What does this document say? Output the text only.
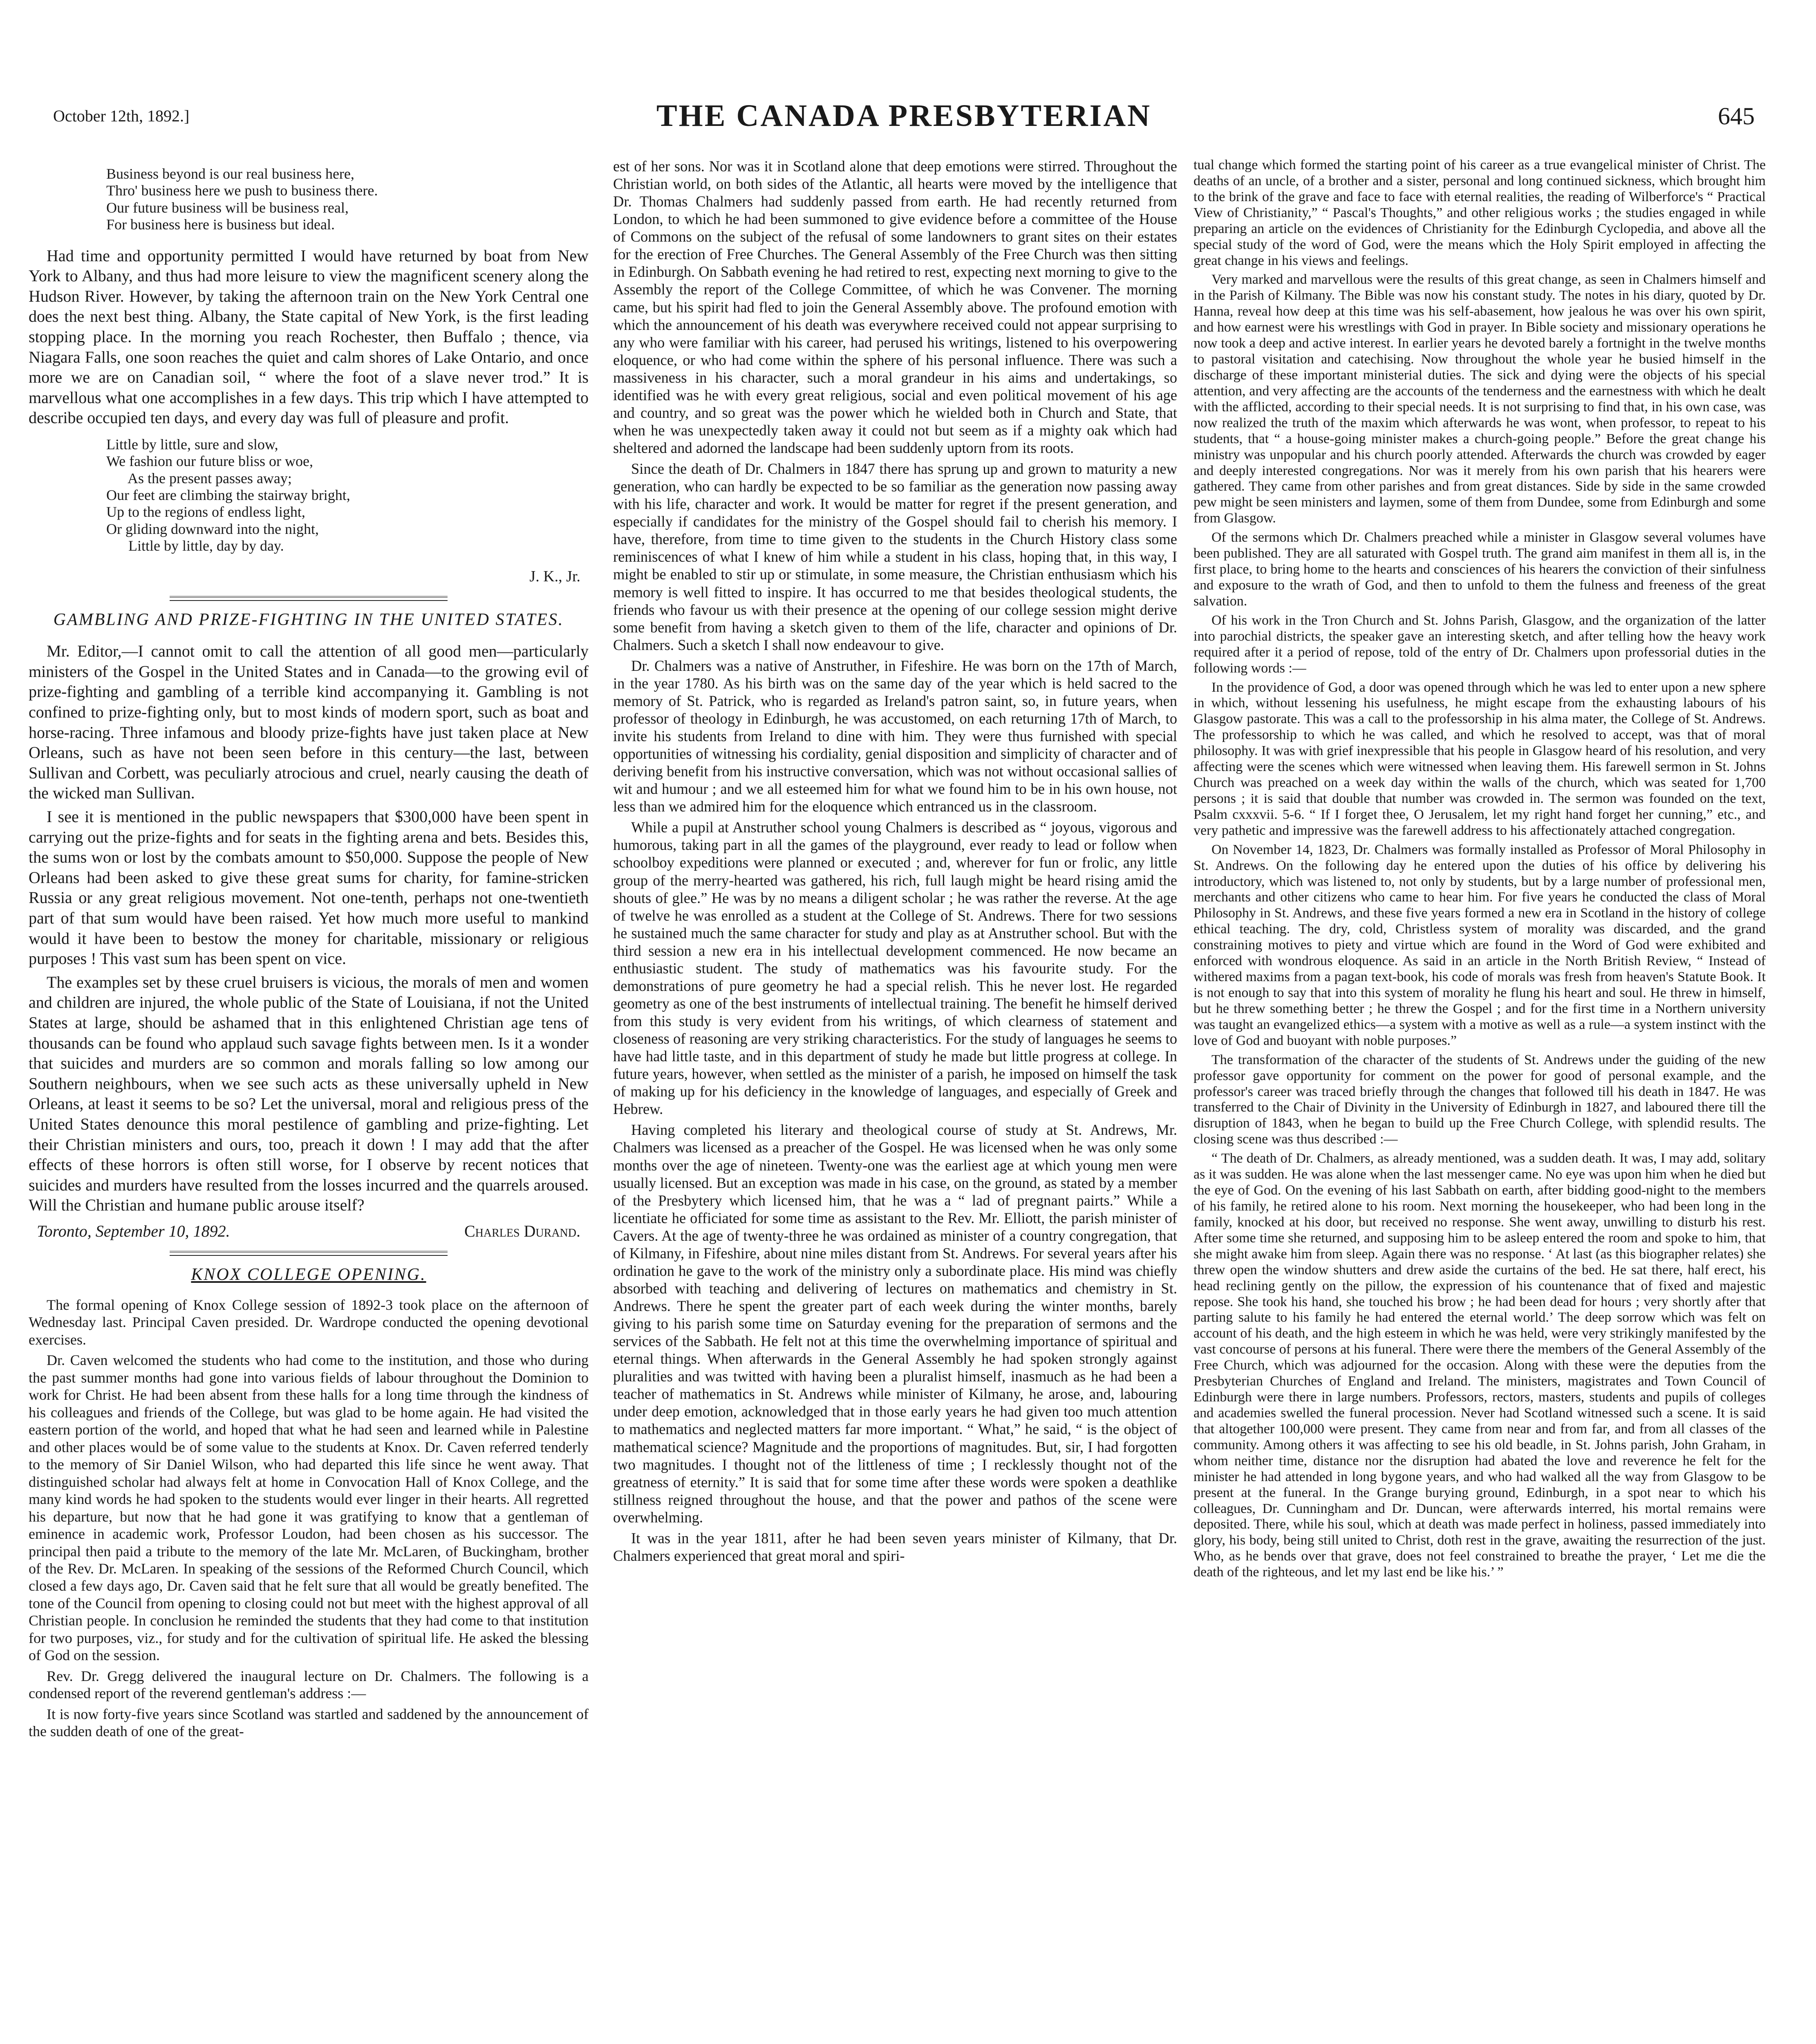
October 12th, 1892.]	THE CANADA PRESBYTERIAN	645
Business beyond is our real business here,
Thro' business here we push to business there.
Our future business will be business real,
For business here is business but ideal.

Had time and opportunity permitted I would have returned by boat from New York to Albany, and thus had more leisure to view the magnificent scenery along the Hudson River. However, by taking the afternoon train on the New York Central one does the next best thing. Albany, the State capital of New York, is the first leading stopping place. In the morning you reach Rochester, then Buffalo ; thence, via Niagara Falls, one soon reaches the quiet and calm shores of Lake Ontario, and once more we are on Canadian soil, “ where the foot of a slave never trod.” It is marvellous what one accomplishes in a few days. This trip which I have attempted to describe occupied ten days, and every day was full of pleasure and profit.

Little by little, sure and slow,
We fashion our future bliss or woe,
As the present passes away;
Our feet are climbing the stairway bright,
Up to the regions of endless light,
Or gliding downward into the night,
Little by little, day by day.
J. K., Jr.
GAMBLING AND PRIZE-FIGHTING IN THE UNITED STATES.

Mr. Editor,—I cannot omit to call the attention of all good men—particularly ministers of the Gospel in the United States and in Canada—to the growing evil of prize-fighting and gambling of a terrible kind accompanying it. Gambling is not confined to prize-fighting only, but to most kinds of modern sport, such as boat and horse-racing. Three infamous and bloody prize-fights have just taken place at New Orleans, such as have not been seen before in this century—the last, between Sullivan and Corbett, was peculiarly atrocious and cruel, nearly causing the death of the wicked man Sullivan.

I see it is mentioned in the public newspapers that $300,000 have been spent in carrying out the prize-fights and for seats in the fighting arena and bets. Besides this, the sums won or lost by the combats amount to $50,000. Suppose the people of New Orleans had been asked to give these great sums for charity, for famine-stricken Russia or any great religious movement. Not one-tenth, perhaps not one-twentieth part of that sum would have been raised. Yet how much more useful to mankind would it have been to bestow the money for charitable, missionary or religious purposes ! This vast sum has been spent on vice.

The examples set by these cruel bruisers is vicious, the morals of men and women and children are injured, the whole public of the State of Louisiana, if not the United States at large, should be ashamed that in this enlightened Christian age tens of thousands can be found who applaud such savage fights between men. Is it a wonder that suicides and murders are so common and morals falling so low among our Southern neighbours, when we see such acts as these universally upheld in New Orleans, at least it seems to be so? Let the universal, moral and religious press of the United States denounce this moral pestilence of gambling and prize-fighting. Let their Christian ministers and ours, too, preach it down ! I may add that the after effects of these horrors is often still worse, for I observe by recent notices that suicides and murders have resulted from the losses incurred and the quarrels aroused. Will the Christian and humane public arouse itself?

Toronto, September 10, 1892.	Charles Durand.
KNOX COLLEGE OPENING.

The formal opening of Knox College session of 1892-3 took place on the afternoon of Wednesday last. Principal Caven presided. Dr. Wardrope conducted the opening devotional exercises.

Dr. Caven welcomed the students who had come to the institution, and those who during the past summer months had gone into various fields of labour throughout the Dominion to work for Christ. He had been absent from these halls for a long time through the kindness of his colleagues and friends of the College, but was glad to be home again. He had visited the eastern portion of the world, and hoped that what he had seen and learned while in Palestine and other places would be of some value to the students at Knox. Dr. Caven referred tenderly to the memory of Sir Daniel Wilson, who had departed this life since he went away. That distinguished scholar had always felt at home in Convocation Hall of Knox College, and the many kind words he had spoken to the students would ever linger in their hearts. All regretted his departure, but now that he had gone it was gratifying to know that a gentleman of eminence in academic work, Professor Loudon, had been chosen as his successor. The principal then paid a tribute to the memory of the late Mr. McLaren, of Buckingham, brother of the Rev. Dr. McLaren. In speaking of the sessions of the Reformed Church Council, which closed a few days ago, Dr. Caven said that he felt sure that all would be greatly benefited. The tone of the Council from opening to closing could not but meet with the highest approval of all Christian people. In conclusion he reminded the students that they had come to that institution for two purposes, viz., for study and for the cultivation of spiritual life. He asked the blessing of God on the session.

Rev. Dr. Gregg delivered the inaugural lecture on Dr. Chalmers. The following is a condensed report of the reverend gentleman's address :—

It is now forty-five years since Scotland was startled and saddened by the announcement of the sudden death of one of the great-

est of her sons. Nor was it in Scotland alone that deep emotions were stirred. Throughout the Christian world, on both sides of the Atlantic, all hearts were moved by the intelligence that Dr. Thomas Chalmers had suddenly passed from earth. He had recently returned from London, to which he had been summoned to give evidence before a committee of the House of Commons on the subject of the refusal of some landowners to grant sites on their estates for the erection of Free Churches. The General Assembly of the Free Church was then sitting in Edinburgh. On Sabbath evening he had retired to rest, expecting next morning to give to the Assembly the report of the College Committee, of which he was Convener. The morning came, but his spirit had fled to join the General Assembly above. The profound emotion with which the announcement of his death was everywhere received could not appear surprising to any who were familiar with his career, had perused his writings, listened to his overpowering eloquence, or who had come within the sphere of his personal influence. There was such a massiveness in his character, such a moral grandeur in his aims and undertakings, so identified was he with every great religious, social and even political movement of his age and country, and so great was the power which he wielded both in Church and State, that when he was unexpectedly taken away it could not but seem as if a mighty oak which had sheltered and adorned the landscape had been suddenly uptorn from its roots.

Since the death of Dr. Chalmers in 1847 there has sprung up and grown to maturity a new generation, who can hardly be expected to be so familiar as the generation now passing away with his life, character and work. It would be matter for regret if the present generation, and especially if candidates for the ministry of the Gospel should fail to cherish his memory. I have, therefore, from time to time given to the students in the Church History class some reminiscences of what I knew of him while a student in his class, hoping that, in this way, I might be enabled to stir up or stimulate, in some measure, the Christian enthusiasm which his memory is well fitted to inspire. It has occurred to me that besides theological students, the friends who favour us with their presence at the opening of our college session might derive some benefit from having a sketch given to them of the life, character and opinions of Dr. Chalmers. Such a sketch I shall now endeavour to give.

Dr. Chalmers was a native of Anstruther, in Fifeshire. He was born on the 17th of March, in the year 1780. As his birth was on the same day of the year which is held sacred to the memory of St. Patrick, who is regarded as Ireland's patron saint, so, in future years, when professor of theology in Edinburgh, he was accustomed, on each returning 17th of March, to invite his students from Ireland to dine with him. They were thus furnished with special opportunities of witnessing his cordiality, genial disposition and simplicity of character and of deriving benefit from his instructive conversation, which was not without occasional sallies of wit and humour ; and we all esteemed him for what we found him to be in his own house, not less than we admired him for the eloquence which entranced us in the classroom.

While a pupil at Anstruther school young Chalmers is described as “ joyous, vigorous and humorous, taking part in all the games of the playground, ever ready to lead or follow when schoolboy expeditions were planned or executed ; and, wherever for fun or frolic, any little group of the merry-hearted was gathered, his rich, full laugh might be heard rising amid the shouts of glee.” He was by no means a diligent scholar ; he was rather the reverse. At the age of twelve he was enrolled as a student at the College of St. Andrews. There for two sessions he sustained much the same character for study and play as at Anstruther school. But with the third session a new era in his intellectual development commenced. He now became an enthusiastic student. The study of mathematics was his favourite study. For the demonstrations of pure geometry he had a special relish. This he never lost. He regarded geometry as one of the best instruments of intellectual training. The benefit he himself derived from this study is very evident from his writings, of which clearness of statement and closeness of reasoning are very striking characteristics. For the study of languages he seems to have had little taste, and in this department of study he made but little progress at college. In future years, however, when settled as the minister of a parish, he imposed on himself the task of making up for his deficiency in the knowledge of languages, and especially of Greek and Hebrew.

Having completed his literary and theological course of study at St. Andrews, Mr. Chalmers was licensed as a preacher of the Gospel. He was licensed when he was only some months over the age of nineteen. Twenty-one was the earliest age at which young men were usually licensed. But an exception was made in his case, on the ground, as stated by a member of the Presbytery which licensed him, that he was a “ lad of pregnant pairts.” While a licentiate he officiated for some time as assistant to the Rev. Mr. Elliott, the parish minister of Cavers. At the age of twenty-three he was ordained as minister of a country congregation, that of Kilmany, in Fifeshire, about nine miles distant from St. Andrews. For several years after his ordination he gave to the work of the ministry only a subordinate place. His mind was chiefly absorbed with teaching and delivering of lectures on mathematics and chemistry in St. Andrews. There he spent the greater part of each week during the winter months, barely giving to his parish some time on Saturday evening for the preparation of sermons and the services of the Sabbath. He felt not at this time the overwhelming importance of spiritual and eternal things. When afterwards in the General Assembly he had spoken strongly against pluralities and was twitted with having been a pluralist himself, inasmuch as he had been a teacher of mathematics in St. Andrews while minister of Kilmany, he arose, and, labouring under deep emotion, acknowledged that in those early years he had given too much attention to mathematics and neglected matters far more important. “ What,” he said, “ is the object of mathematical science? Magnitude and the proportions of magnitudes. But, sir, I had forgotten two magnitudes. I thought not of the littleness of time ; I recklessly thought not of the greatness of eternity.” It is said that for some time after these words were spoken a deathlike stillness reigned throughout the house, and that the power and pathos of the scene were overwhelming.

It was in the year 1811, after he had been seven years minister of Kilmany, that Dr. Chalmers experienced that great moral and spiri-

tual change which formed the starting point of his career as a true evangelical minister of Christ. The deaths of an uncle, of a brother and a sister, personal and long continued sickness, which brought him to the brink of the grave and face to face with eternal realities, the reading of Wilberforce's “ Practical View of Christianity,” “ Pascal's Thoughts,” and other religious works ; the studies engaged in while preparing an article on the evidences of Christianity for the Edinburgh Cyclopedia, and above all the special study of the word of God, were the means which the Holy Spirit employed in affecting the great change in his views and feelings.

Very marked and marvellous were the results of this great change, as seen in Chalmers himself and in the Parish of Kilmany. The Bible was now his constant study. The notes in his diary, quoted by Dr. Hanna, reveal how deep at this time was his self-abasement, how jealous he was over his own spirit, and how earnest were his wrestlings with God in prayer. In Bible society and missionary operations he now took a deep and active interest. In earlier years he devoted barely a fortnight in the twelve months to pastoral visitation and catechising. Now throughout the whole year he busied himself in the discharge of these important ministerial duties. The sick and dying were the objects of his special attention, and very affecting are the accounts of the tenderness and the earnestness with which he dealt with the afflicted, according to their special needs. It is not surprising to find that, in his own case, was now realized the truth of the maxim which afterwards he was wont, when professor, to repeat to his students, that “ a house-going minister makes a church-going people.” Before the great change his ministry was unpopular and his church poorly attended. Afterwards the church was crowded by eager and deeply interested congregations. Nor was it merely from his own parish that his hearers were gathered. They came from other parishes and from great distances. Side by side in the same crowded pew might be seen ministers and laymen, some of them from Dundee, some from Edinburgh and some from Glasgow.

Of the sermons which Dr. Chalmers preached while a minister in Glasgow several volumes have been published. They are all saturated with Gospel truth. The grand aim manifest in them all is, in the first place, to bring home to the hearts and consciences of his hearers the conviction of their sinfulness and exposure to the wrath of God, and then to unfold to them the fulness and freeness of the great salvation.

Of his work in the Tron Church and St. Johns Parish, Glasgow, and the organization of the latter into parochial districts, the speaker gave an interesting sketch, and after telling how the heavy work required after it a period of repose, told of the entry of Dr. Chalmers upon professorial duties in the following words :—

In the providence of God, a door was opened through which he was led to enter upon a new sphere in which, without lessening his usefulness, he might escape from the exhausting labours of his Glasgow pastorate. This was a call to the professorship in his alma mater, the College of St. Andrews. The professorship to which he was called, and which he resolved to accept, was that of moral philosophy. It was with grief inexpressible that his people in Glasgow heard of his resolution, and very affecting were the scenes which were witnessed when leaving them. His farewell sermon in St. Johns Church was preached on a week day within the walls of the church, which was seated for 1,700 persons ; it is said that double that number was crowded in. The sermon was founded on the text, Psalm cxxxvii. 5-6. “ If I forget thee, O Jerusalem, let my right hand forget her cunning,” etc., and very pathetic and impressive was the farewell address to his affectionately attached congregation.

On November 14, 1823, Dr. Chalmers was formally installed as Professor of Moral Philosophy in St. Andrews. On the following day he entered upon the duties of his office by delivering his introductory, which was listened to, not only by students, but by a large number of professional men, merchants and other citizens who came to hear him. For five years he conducted the class of Moral Philosophy in St. Andrews, and these five years formed a new era in Scotland in the history of college ethical teaching. The dry, cold, Christless system of morality was discarded, and the grand constraining motives to piety and virtue which are found in the Word of God were exhibited and enforced with wondrous eloquence. As said in an article in the North British Review, “ Instead of withered maxims from a pagan text-book, his code of morals was fresh from heaven's Statute Book. It is not enough to say that into this system of morality he flung his heart and soul. He threw in himself, but he threw something better ; he threw the Gospel ; and for the first time in a Northern university was taught an evangelized ethics—a system with a motive as well as a rule—a system instinct with the love of God and buoyant with noble purposes.”

The transformation of the character of the students of St. Andrews under the guiding of the new professor gave opportunity for comment on the power for good of personal example, and the professor's career was traced briefly through the changes that followed till his death in 1847. He was transferred to the Chair of Divinity in the University of Edinburgh in 1827, and laboured there till the disruption of 1843, when he began to build up the Free Church College, with splendid results. The closing scene was thus described :—

“ The death of Dr. Chalmers, as already mentioned, was a sudden death. It was, I may add, solitary as it was sudden. He was alone when the last messenger came. No eye was upon him when he died but the eye of God. On the evening of his last Sabbath on earth, after bidding good-night to the members of his family, he retired alone to his room. Next morning the housekeeper, who had been long in the family, knocked at his door, but received no response. She went away, unwilling to disturb his rest. After some time she returned, and supposing him to be asleep entered the room and spoke to him, that she might awake him from sleep. Again there was no response. ‘ At last (as this biographer relates) she threw open the window shutters and drew aside the curtains of the bed. He sat there, half erect, his head reclining gently on the pillow, the expression of his countenance that of fixed and majestic repose. She took his hand, she touched his brow ; he had been dead for hours ; very shortly after that parting salute to his family he had entered the eternal world.’ The deep sorrow which was felt on account of his death, and the high esteem in which he was held, were very strikingly manifested by the vast concourse of persons at his funeral. There were there the members of the General Assembly of the Free Church, which was adjourned for the occasion. Along with these were the deputies from the Presbyterian Churches of England and Ireland. The ministers, magistrates and Town Council of Edinburgh were there in large numbers. Professors, rectors, masters, students and pupils of colleges and academies swelled the funeral procession. Never had Scotland witnessed such a scene. It is said that altogether 100,000 were present. They came from near and from far, and from all classes of the community. Among others it was affecting to see his old beadle, in St. Johns parish, John Graham, in whom neither time, distance nor the disruption had abated the love and reverence he felt for the minister he had attended in long bygone years, and who had walked all the way from Glasgow to be present at the funeral. In the Grange burying ground, Edinburgh, in a spot near to which his colleagues, Dr. Cunningham and Dr. Duncan, were afterwards interred, his mortal remains were deposited. There, while his soul, which at death was made perfect in holiness, passed immediately into glory, his body, being still united to Christ, doth rest in the grave, awaiting the resurrection of the just. Who, as he bends over that grave, does not feel constrained to breathe the prayer, ‘ Let me die the death of the righteous, and let my last end be like his.’ ”
